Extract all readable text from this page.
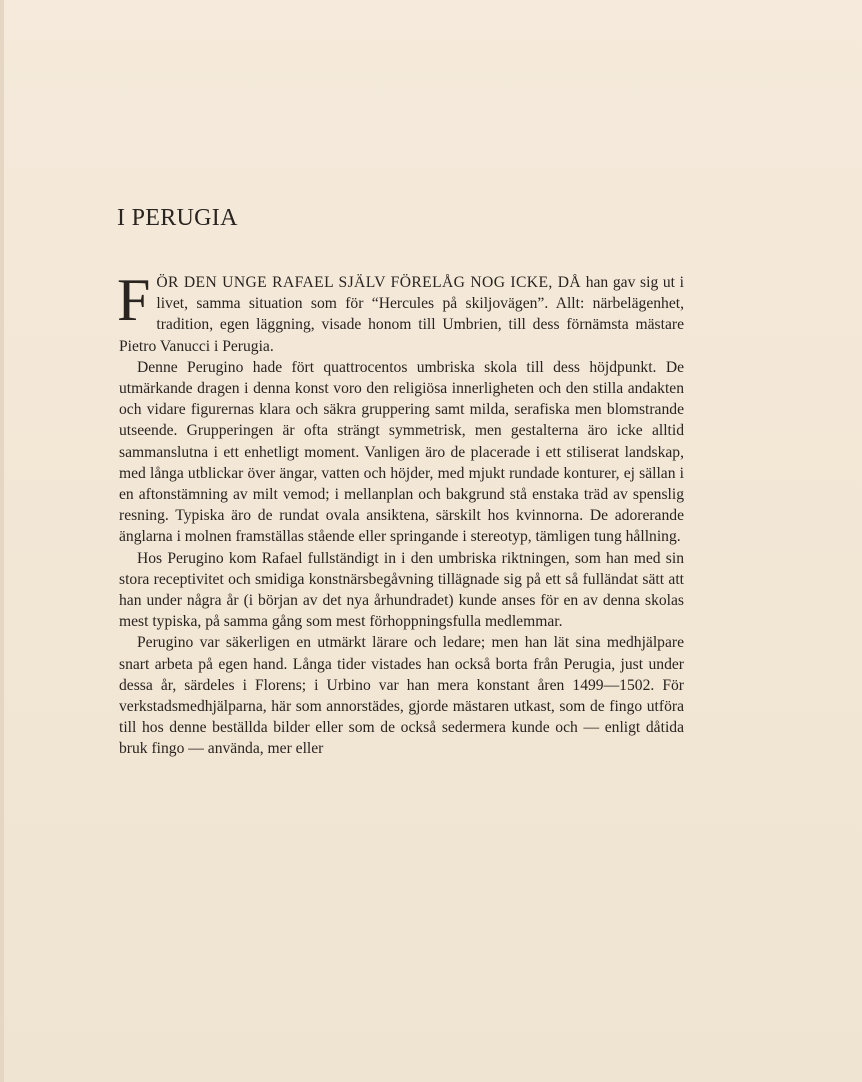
I PERUGIA

FÖR DEN UNGE RAFAEL SJÄLV FÖRELÅG NOG ICKE, DÅ han gav sig ut i livet, samma situation som för “Hercules på skiljovägen”. Allt: närbelägenhet, tradition, egen läggning, visade honom till Umbrien, till dess förnämsta mästare Pietro Vanucci i Perugia.

Denne Perugino hade fört quattrocentos umbriska skola till dess höjdpunkt. De utmärkande dragen i denna konst voro den religiösa innerligheten och den stilla andakten och vidare figurernas klara och säkra gruppering samt milda, serafiska men blomstrande utseende. Grupperingen är ofta strängt symmetrisk, men gestalterna äro icke alltid sammanslutna i ett enhetligt moment. Vanligen äro de placerade i ett stiliserat landskap, med långa utblickar över ängar, vatten och höjder, med mjukt rundade konturer, ej sällan i en aftonstämning av milt vemod; i mellanplan och bakgrund stå enstaka träd av spenslig resning. Typiska äro de rundat ovala ansiktena, särskilt hos kvinnorna. De adorerande änglarna i molnen framställas stående eller springande i stereotyp, tämligen tung hållning.

Hos Perugino kom Rafael fullständigt in i den umbriska riktningen, som han med sin stora receptivitet och smidiga konstnärsbegåvning tillägnade sig på ett så fulländat sätt att han under några år (i början av det nya århundradet) kunde anses för en av denna skolas mest typiska, på samma gång som mest förhoppningsfulla medlemmar.

Perugino var säkerligen en utmärkt lärare och ledare; men han lät sina medhjälpare snart arbeta på egen hand. Långa tider vistades han också borta från Perugia, just under dessa år, särdeles i Florens; i Urbino var han mera konstant åren 1499—1502. För verkstadsmedhjälparna, här som annorstädes, gjorde mästaren utkast, som de fingo utföra till hos denne beställda bilder eller som de också sedermera kunde och — enligt dåtida bruk fingo — använda, mer eller
